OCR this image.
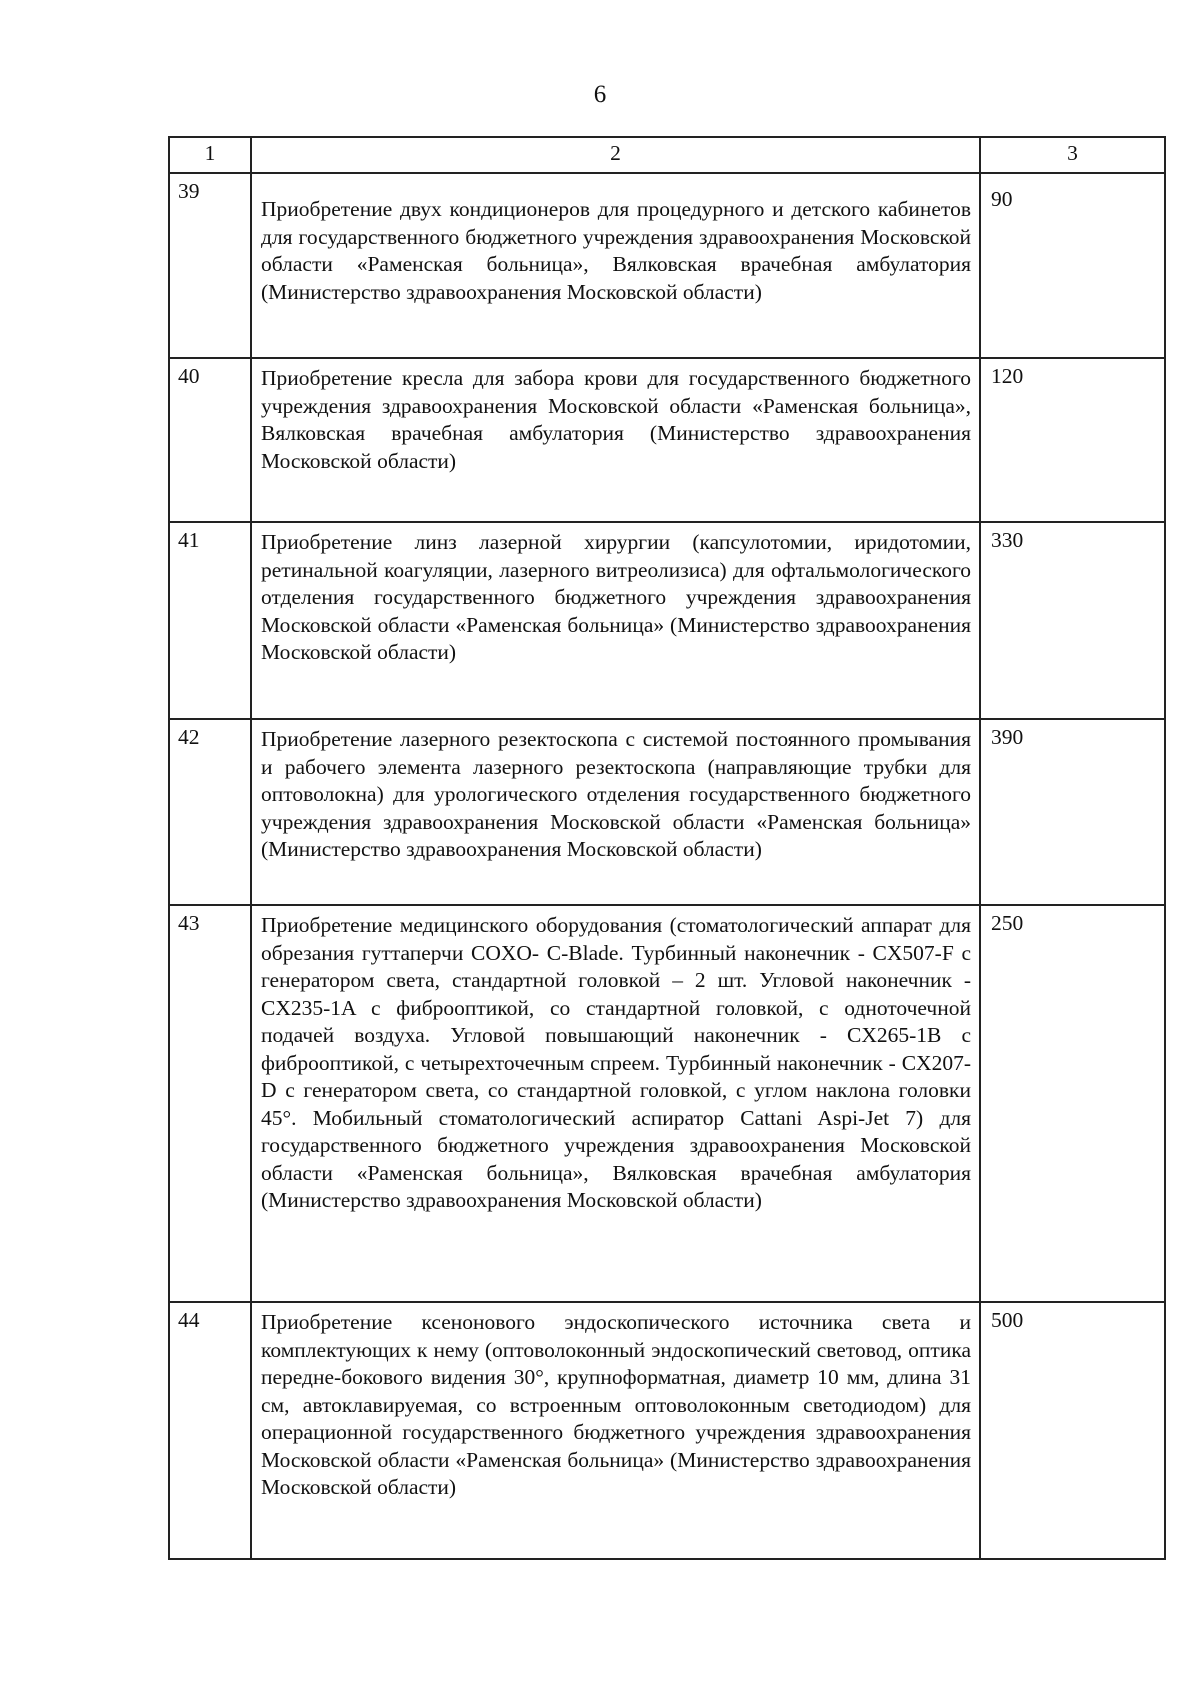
6
1	2	3
39	Приобретение двух кондиционеров для процедурного и детского кабинетов для государственного бюджетного учреждения здравоохранения Московской области «Раменская больница», Вялковская врачебная амбулатория (Министерство здравоохранения Московской области)	90
40	Приобретение кресла для забора крови для государственного бюджетного учреждения здравоохранения Московской области «Раменская больница», Вялковская врачебная амбулатория (Министерство здравоохранения Московской области)	120
41	Приобретение линз лазерной хирургии (капсулотомии, иридотомии, ретинальной коагуляции, лазерного витреолизиса) для офтальмологического отделения государственного бюджетного учреждения здравоохранения Московской области «Раменская больница» (Министерство здравоохранения Московской области)	330
42	Приобретение лазерного резектоскопа с системой постоянного промывания и рабочего элемента лазерного резектоскопа (направляющие трубки для оптоволокна) для урологического отделения государственного бюджетного учреждения здравоохранения Московской области «Раменская больница» (Министерство здравоохранения Московской области)	390
43	Приобретение медицинского оборудования (стоматологический аппарат для обрезания гуттаперчи COXO- C-Blade. Турбинный наконечник - CX507-F с генератором света, стандартной головкой – 2 шт. Угловой наконечник - CX235-1A с фиброоптикой, со стандартной головкой, с одноточечной подачей воздуха. Угловой повышающий наконечник - CX265-1B с фиброоптикой, с четырехточечным спреем. Турбинный наконечник - CX207-D с генератором света, со стандартной головкой, с углом наклона головки 45°. Мобильный стоматологический аспиратор Cattani Aspi-Jet 7) для государственного бюджетного учреждения здравоохранения Московской области «Раменская больница», Вялковская врачебная амбулатория (Министерство здравоохранения Московской области)	250
44	Приобретение ксенонового эндоскопического источника света и комплектующих к нему (оптоволоконный эндоскопический световод, оптика передне-бокового видения 30°, крупноформатная, диаметр 10 мм, длина 31 см, автоклавируемая, со встроенным оптоволоконным светодиодом) для операционной государственного бюджетного учреждения здравоохранения Московской области «Раменская больница» (Министерство здравоохранения Московской области)	500
